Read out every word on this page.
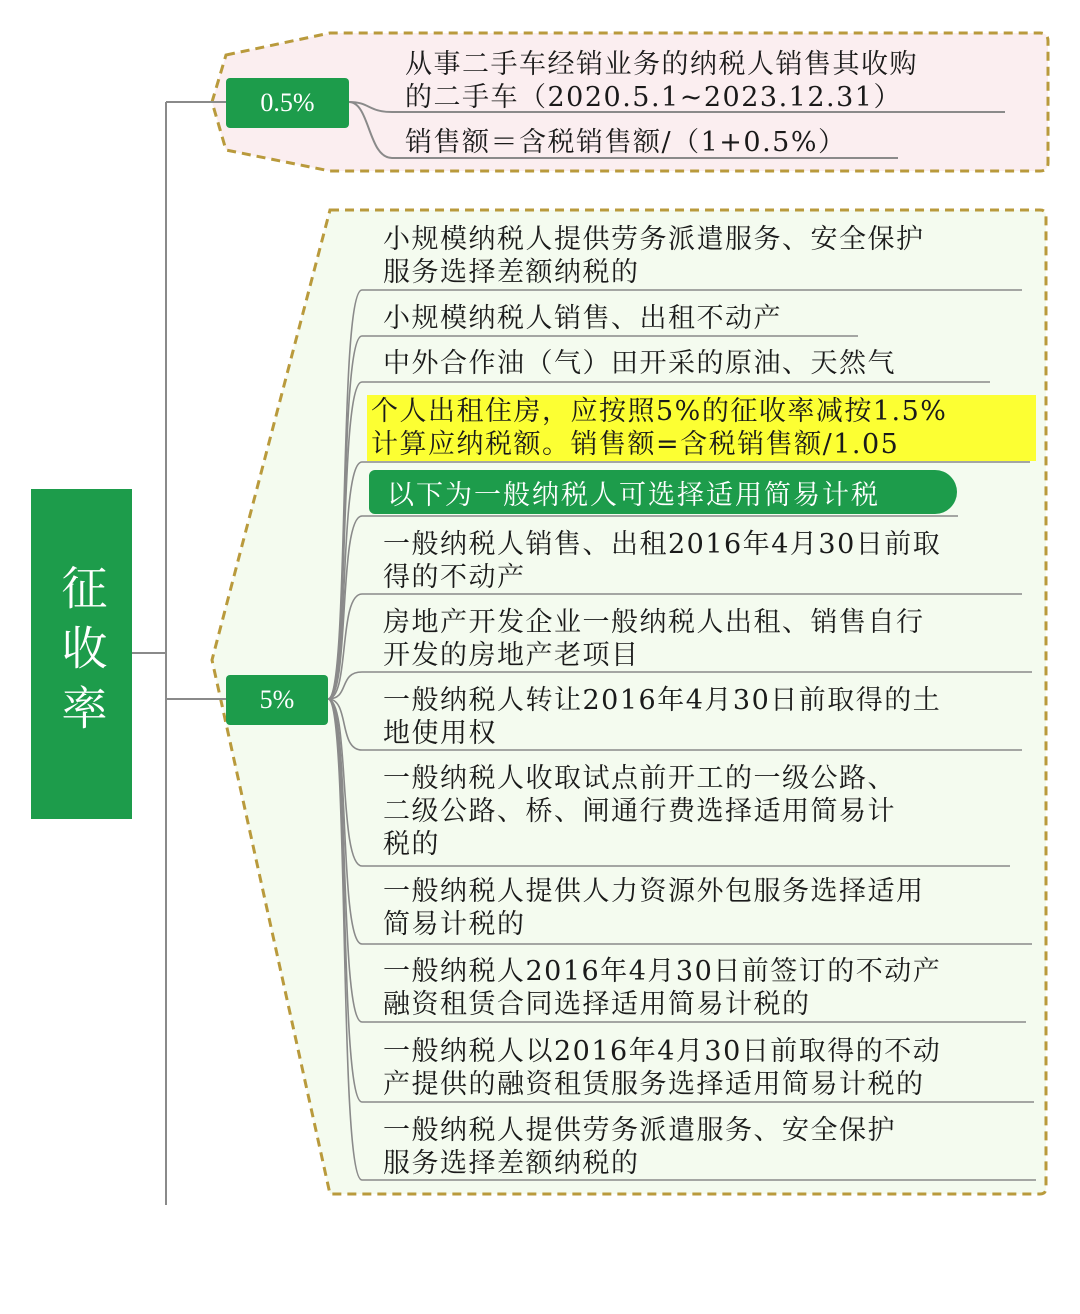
征收率
0.5%
5%
从事二手车经销业务的纳税人销售其收购
的二手车（2020.5.1~2023.12.31）
销售额＝含税销售额/（1+0.5%）
小规模纳税人提供劳务派遣服务、安全保护
服务选择差额纳税的
小规模纳税人销售、出租不动产
中外合作油（气）田开采的原油、天然气
个人出租住房，应按照5%的征收率减按1.5%
计算应纳税额。销售额=含税销售额/1.05
以下为一般纳税人可选择适用简易计税
一般纳税人销售、出租2016年4月30日前取
得的不动产
房地产开发企业一般纳税人出租、销售自行
开发的房地产老项目
一般纳税人转让2016年4月30日前取得的土
地使用权
一般纳税人收取试点前开工的一级公路、
二级公路、桥、闸通行费选择适用简易计
税的
一般纳税人提供人力资源外包服务选择适用
简易计税的
一般纳税人2016年4月30日前签订的不动产
融资租赁合同选择适用简易计税的
一般纳税人以2016年4月30日前取得的不动
产提供的融资租赁服务选择适用简易计税的
一般纳税人提供劳务派遣服务、安全保护
服务选择差额纳税的
